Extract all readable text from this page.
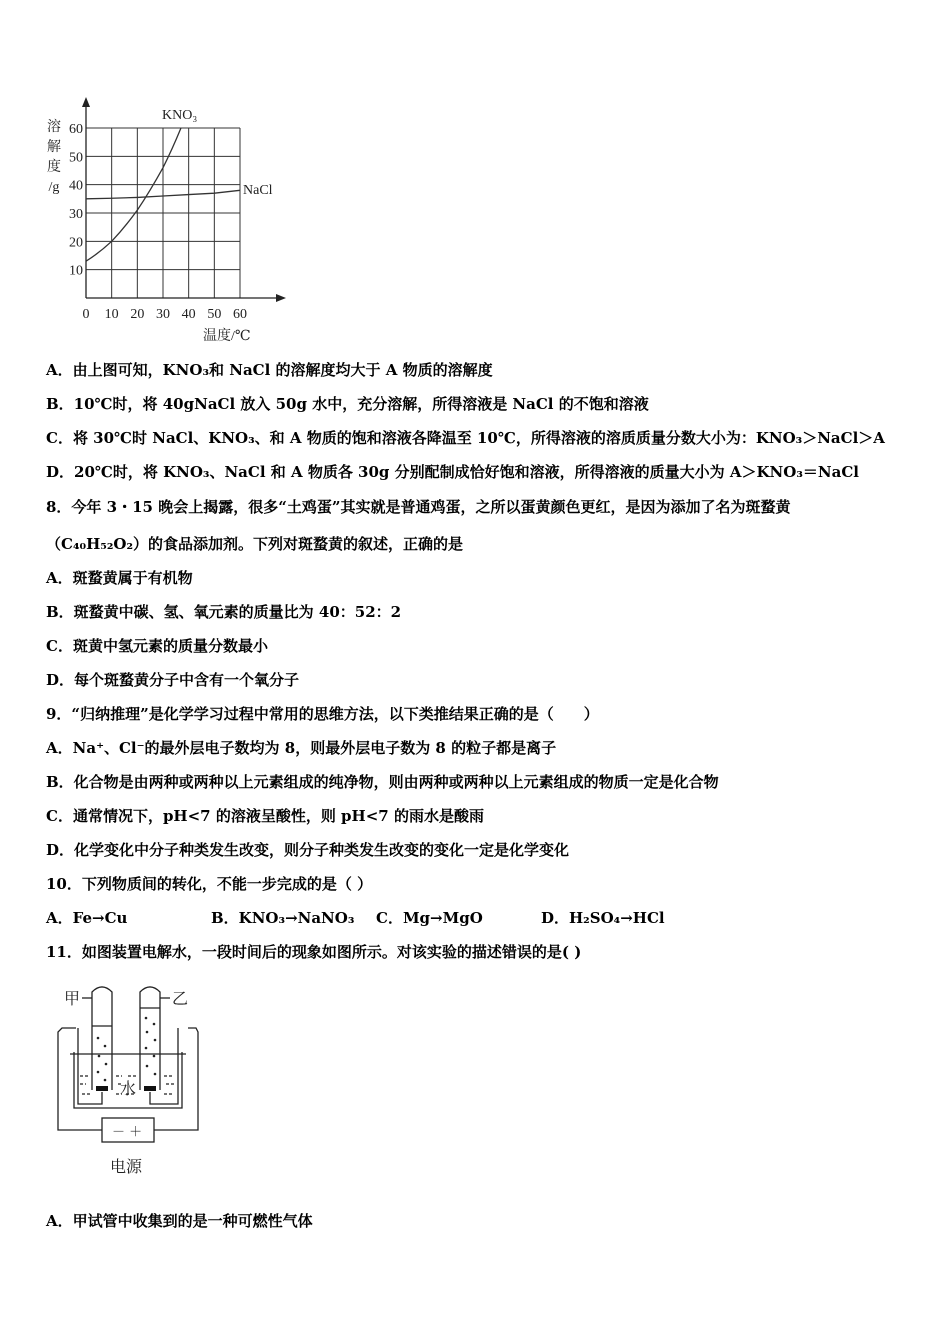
10
20
30
40
50
60
0 10 20 30 40 50 60
溶
解
度
/g
温度/℃
KNO₃
NaCl
A．由上图可知，KNO₃和 NaCl 的溶解度均大于 A 物质的溶解度
B．10℃时，将 40gNaCl 放入 50g 水中，充分溶解，所得溶液是 NaCl 的不饱和溶液
C．将 30℃时 NaCl、KNO₃、和 A 物质的饱和溶液各降温至 10℃，所得溶液的溶质质量分数大小为：KNO₃＞NaCl＞A
D．20℃时，将 KNO₃、NaCl 和 A 物质各 30g 分别配制成恰好饱和溶液，所得溶液的质量大小为 A＞KNO₃＝NaCl
8．今年 3・15 晚会上揭露，很多“土鸡蛋”其实就是普通鸡蛋，之所以蛋黄颜色更红，是因为添加了名为斑蝥黄
（C₄₀H₅₂O₂）的食品添加剂。下列对斑蝥黄的叙述，正确的是
A．斑蝥黄属于有机物
B．斑蝥黄中碳、氢、氧元素的质量比为 40：52：2
C．斑黄中氢元素的质量分数最小
D．每个斑蝥黄分子中含有一个氧分子
9．“归纳推理”是化学学习过程中常用的思维方法，以下类推结果正确的是（　　）
A．Na⁺、Cl⁻的最外层电子数均为 8，则最外层电子数为 8 的粒子都是离子
B．化合物是由两种或两种以上元素组成的纯净物，则由两种或两种以上元素组成的物质一定是化合物
C．通常情况下，pH<7 的溶液呈酸性，则 pH<7 的雨水是酸雨
D．化学变化中分子种类发生改变，则分子种类发生改变的变化一定是化学变化
10．下列物质间的转化，不能一步完成的是（ ）
A．Fe→Cu	B．KNO₃→NaNO₃ C．Mg→MgO	D．H₂SO₄→HCl
11．如图装置电解水，一段时间后的现象如图所示。对该实验的描述错误的是( )
甲	乙
水
－ ＋
电源
A．甲试管中收集到的是一种可燃性气体
